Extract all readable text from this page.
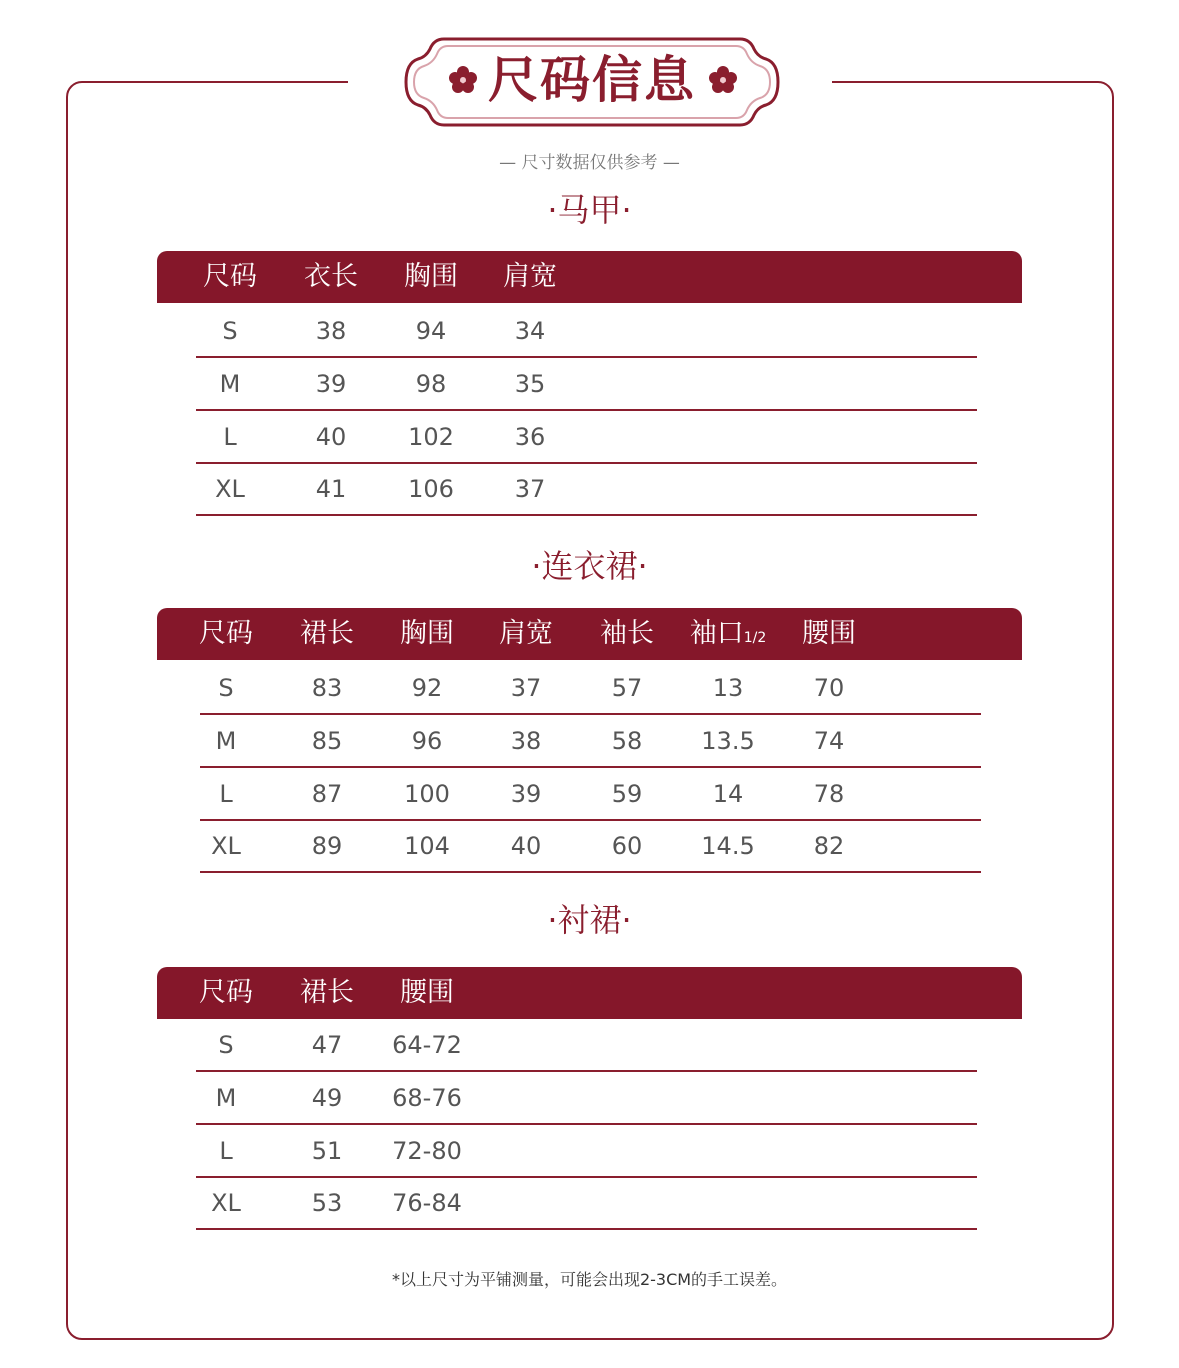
尺码信息
— 尺寸数据仅供参考 —
·马甲·
尺码 衣长 胸围 肩宽
S	38	94	34
M	39	98	35
L	40	102	36
XL	41	106	37
·连衣裙·
尺码 裙长 胸围 肩宽 袖长 袖口1/2 腰围
S	83	92	37	57	13	70
M	85	96	38	58 13.5 74
L	87	100	39	59	14	78
XL	89	104	40	60 14.5 82
·衬裙·
尺码 裙长 腰围
S	47 64-72
M	49 68-76
L	51 72-80
XL	53 76-84
*以上尺寸为平铺测量，可能会出现2-3CM的手工误差。
